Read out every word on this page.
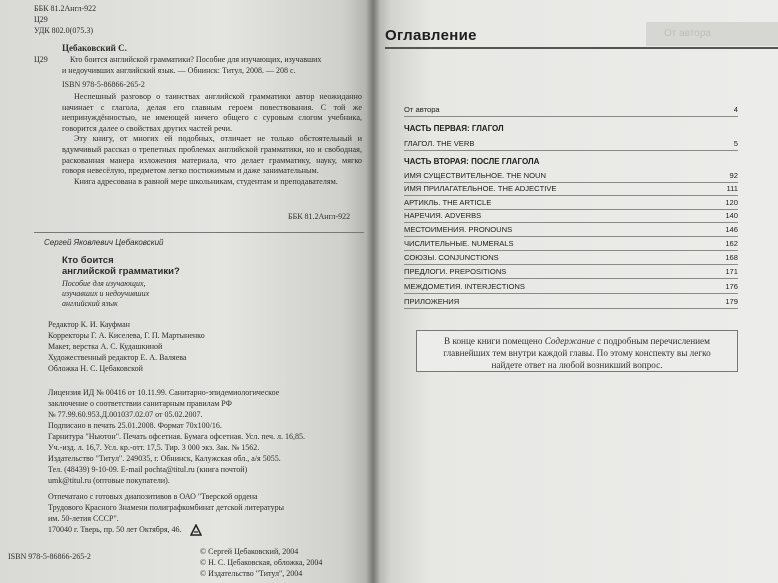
ББК 81.2Англ-922
Ц29
УДК 802.0(075.3)
Цебаковский С.
Ц29	Кто боится английской грамматики? Пособие для изучающих, изучавших
и недоучивших английский язык. — Обнинск: Титул, 2008. — 208 с.
ISBN 978-5-86866-265-2

Неспешный разговор о таинствах английской грамматики автор неожиданно начинает с глагола, делая его главным героем повествования. С той же непринуждённостью, не имеющей ничего общего с суровым слогом учебника, говорится далее о свойствах других частей речи.

Эту книгу, от многих ей подобных, отличает не только обстоятельный и вдумчивый рассказ о трепетных проблемах английской грамматики, но и свободная, раскованная манера изложения материала, что делает грамматику, науку, мягко говоря невесёлую, предметом легко постижимым и даже занимательным.

Книга адресована в равной мере школьникам, студентам и преподавателям.

ББК 81.2Англ-922
Сергей Яковлевич Цебаковский
Кто боится
английской грамматики?
Пособие для изучающих,
изучавших и недоучивших
английский язык
Редактор К. И. Кауфман
Корректоры Г. А. Киселева, Г. П. Мартыненко
Макет, верстка А. С. Кудашкиной
Художественный редактор Е. А. Валяева
Обложка Н. С. Цебаковской
Лицензия ИД № 00416 от 10.11.99. Санитарно-эпидемиологическое
заключение о соответствии санитарным правилам РФ
№ 77.99.60.953.Д.001037.02.07 от 05.02.2007.
Подписано в печать 25.01.2008. Формат 70x100/16.
Гарнитура "Ньютон". Печать офсетная. Бумага офсетная. Усл. печ. л. 16,85.
Уч.-изд. л. 16,7. Усл. кр.-отт. 17,5. Тир. 3 000 экз. Зак. № 1562.
Издательство "Титул". 249035, г. Обнинск, Калужская обл., а/я 5055.
Тел. (48439) 9-10-09. E-mail pochta@titul.ru (книга почтой)
umk@titul.ru (оптовые покупатели).
Отпечатано с готовых диапозитивов в ОАО "Тверской ордена
Трудового Красного Знамени полиграфкомбинат детской литературы
им. 50-летия СССР".
170040 г. Тверь, пр. 50 лет Октября, 46.
ISBN 978-5-86866-265-2
© Сергей Цебаковский, 2004
© Н. С. Цебаковская, обложка, 2004
© Издательство "Титул", 2004
Оглавление	От автора
От автора	4
ЧАСТЬ ПЕРВАЯ: ГЛАГОЛ
ГЛАГОЛ. THE VERB	5
ЧАСТЬ ВТОРАЯ: ПОСЛЕ ГЛАГОЛА
ИМЯ СУЩЕСТВИТЕЛЬНОЕ. THE NOUN	92
ИМЯ ПРИЛАГАТЕЛЬНОЕ. THE ADJECTIVE	111
АРТИКЛЬ. THE ARTICLE	120
НАРЕЧИЯ. ADVERBS	140
МЕСТОИМЕНИЯ. PRONOUNS	146
ЧИСЛИТЕЛЬНЫЕ. NUMERALS	162
СОЮЗЫ. CONJUNCTIONS	168
ПРЕДЛОГИ. PREPOSITIONS	171
МЕЖДОМЕТИЯ. INTERJECTIONS	176
ПРИЛОЖЕНИЯ	179

В конце книги помещено Содержание с подробным перечислением

главнейших тем внутри каждой главы. По этому конспекту вы легко

найдете ответ на любой возникший вопрос.
